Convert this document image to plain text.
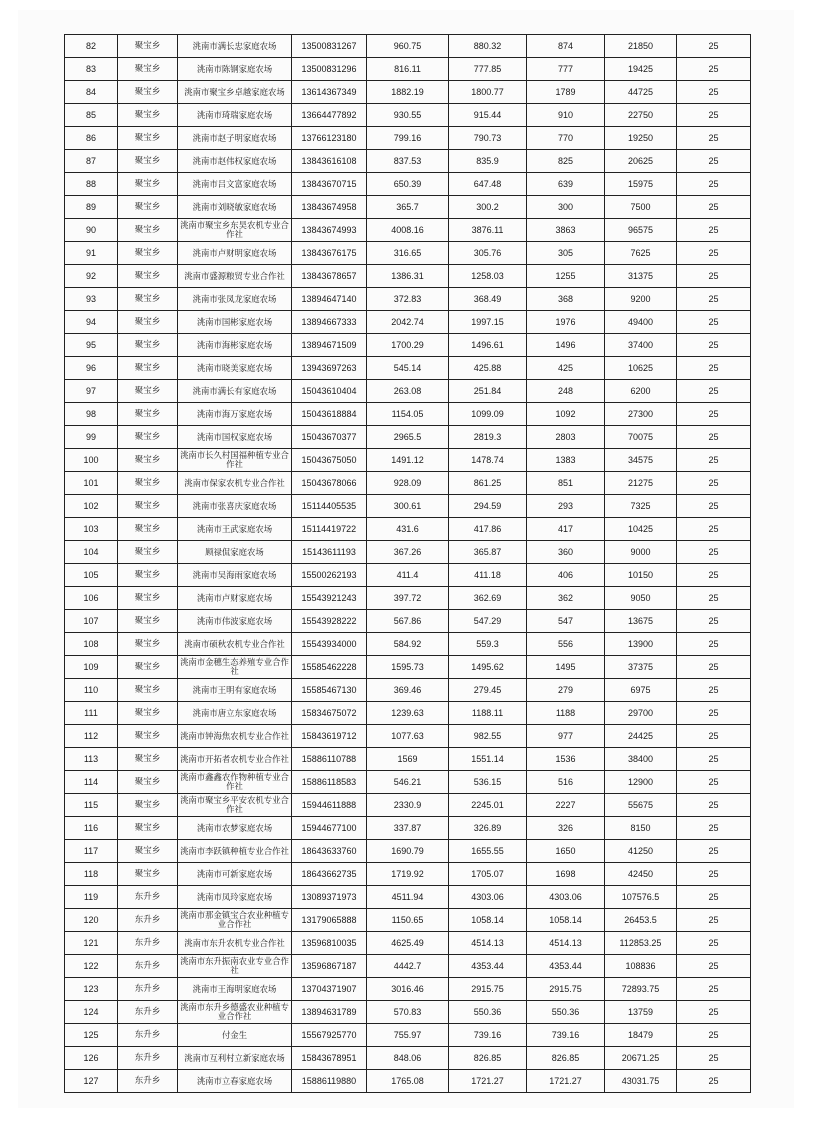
82	聚宝乡	洮南市满长忠家庭农场	13500831267	960.75	880.32	874	21850	25
83	聚宝乡	洮南市陈钢家庭农场	13500831296	816.11	777.85	777	19425	25
84	聚宝乡	洮南市聚宝乡卓越家庭农场	13614367349	1882.19	1800.77	1789	44725	25
85	聚宝乡	洮南市琦瑞家庭农场	13664477892	930.55	915.44	910	22750	25
86	聚宝乡	洮南市赵子明家庭农场	13766123180	799.16	790.73	770	19250	25
87	聚宝乡	洮南市赵伟权家庭农场	13843616108	837.53	835.9	825	20625	25
88	聚宝乡	洮南市吕文富家庭农场	13843670715	650.39	647.48	639	15975	25
89	聚宝乡	洮南市刘晓敏家庭农场	13843674958	365.7	300.2	300	7500	25
90	聚宝乡	洮南市聚宝乡东昊农机专业合作社	13843674993	4008.16	3876.11	3863	96575	25
91	聚宝乡	洮南市卢财明家庭农场	13843676175	316.65	305.76	305	7625	25
92	聚宝乡	洮南市盛源粮贸专业合作社	13843678657	1386.31	1258.03	1255	31375	25
93	聚宝乡	洮南市张凤龙家庭农场	13894647140	372.83	368.49	368	9200	25
94	聚宝乡	洮南市国彬家庭农场	13894667333	2042.74	1997.15	1976	49400	25
95	聚宝乡	洮南市海彬家庭农场	13894671509	1700.29	1496.61	1496	37400	25
96	聚宝乡	洮南市晓美家庭农场	13943697263	545.14	425.88	425	10625	25
97	聚宝乡	洮南市满长有家庭农场	15043610404	263.08	251.84	248	6200	25
98	聚宝乡	洮南市海万家庭农场	15043618884	1154.05	1099.09	1092	27300	25
99	聚宝乡	洮南市国权家庭农场	15043670377	2965.5	2819.3	2803	70075	25
100	聚宝乡	洮南市长久村国福种植专业合作社	15043675050	1491.12	1478.74	1383	34575	25
101	聚宝乡	洮南市保家农机专业合作社	15043678066	928.09	861.25	851	21275	25
102	聚宝乡	洮南市张喜庆家庭农场	15114405535	300.61	294.59	293	7325	25
103	聚宝乡	洮南市王武家庭农场	15114419722	431.6	417.86	417	10425	25
104	聚宝乡	顾禄侃家庭农场	15143611193	367.26	365.87	360	9000	25
105	聚宝乡	洮南市吴海雨家庭农场	15500262193	411.4	411.18	406	10150	25
106	聚宝乡	洮南市卢财家庭农场	15543921243	397.72	362.69	362	9050	25
107	聚宝乡	洮南市伟波家庭农场	15543928222	567.86	547.29	547	13675	25
108	聚宝乡	洮南市硕秋农机专业合作社	15543934000	584.92	559.3	556	13900	25
109	聚宝乡	洮南市金穗生态养殖专业合作社	15585462228	1595.73	1495.62	1495	37375	25
110	聚宝乡	洮南市王明有家庭农场	15585467130	369.46	279.45	279	6975	25
111	聚宝乡	洮南市唐立东家庭农场	15834675072	1239.63	1188.11	1188	29700	25
112	聚宝乡	洮南市钟海焦农机专业合作社	15843619712	1077.63	982.55	977	24425	25
113	聚宝乡	洮南市开拓者农机专业合作社	15886110788	1569	1551.14	1536	38400	25
114	聚宝乡	洮南市鑫鑫农作物种植专业合作社	15886118583	546.21	536.15	516	12900	25
115	聚宝乡	洮南市聚宝乡平安农机专业合作社	15944611888	2330.9	2245.01	2227	55675	25
116	聚宝乡	洮南市农梦家庭农场	15944677100	337.87	326.89	326	8150	25
117	聚宝乡	洮南市李跃镇种植专业合作社	18643633760	1690.79	1655.55	1650	41250	25
118	聚宝乡	洮南市可新家庭农场	18643662735	1719.92	1705.07	1698	42450	25
119	东升乡	洮南市凤玲家庭农场	13089371973	4511.94	4303.06	4303.06	107576.5	25
120	东升乡	洮南市那金镇宝合农业种植专业合作社	13179065888	1150.65	1058.14	1058.14	26453.5	25
121	东升乡	洮南市东升农机专业合作社	13596810035	4625.49	4514.13	4514.13	112853.25	25
122	东升乡	洮南市东升振南农业专业合作社	13596867187	4442.7	4353.44	4353.44	108836	25
123	东升乡	洮南市王海明家庭农场	13704371907	3016.46	2915.75	2915.75	72893.75	25
124	东升乡	洮南市东升乡德盛农业种植专业合作社	13894631789	570.83	550.36	550.36	13759	25
125	东升乡	付金生	15567925770	755.97	739.16	739.16	18479	25
126	东升乡	洮南市互利村立新家庭农场	15843678951	848.06	826.85	826.85	20671.25	25
127	东升乡	洮南市立春家庭农场	15886119880	1765.08	1721.27	1721.27	43031.75	25
